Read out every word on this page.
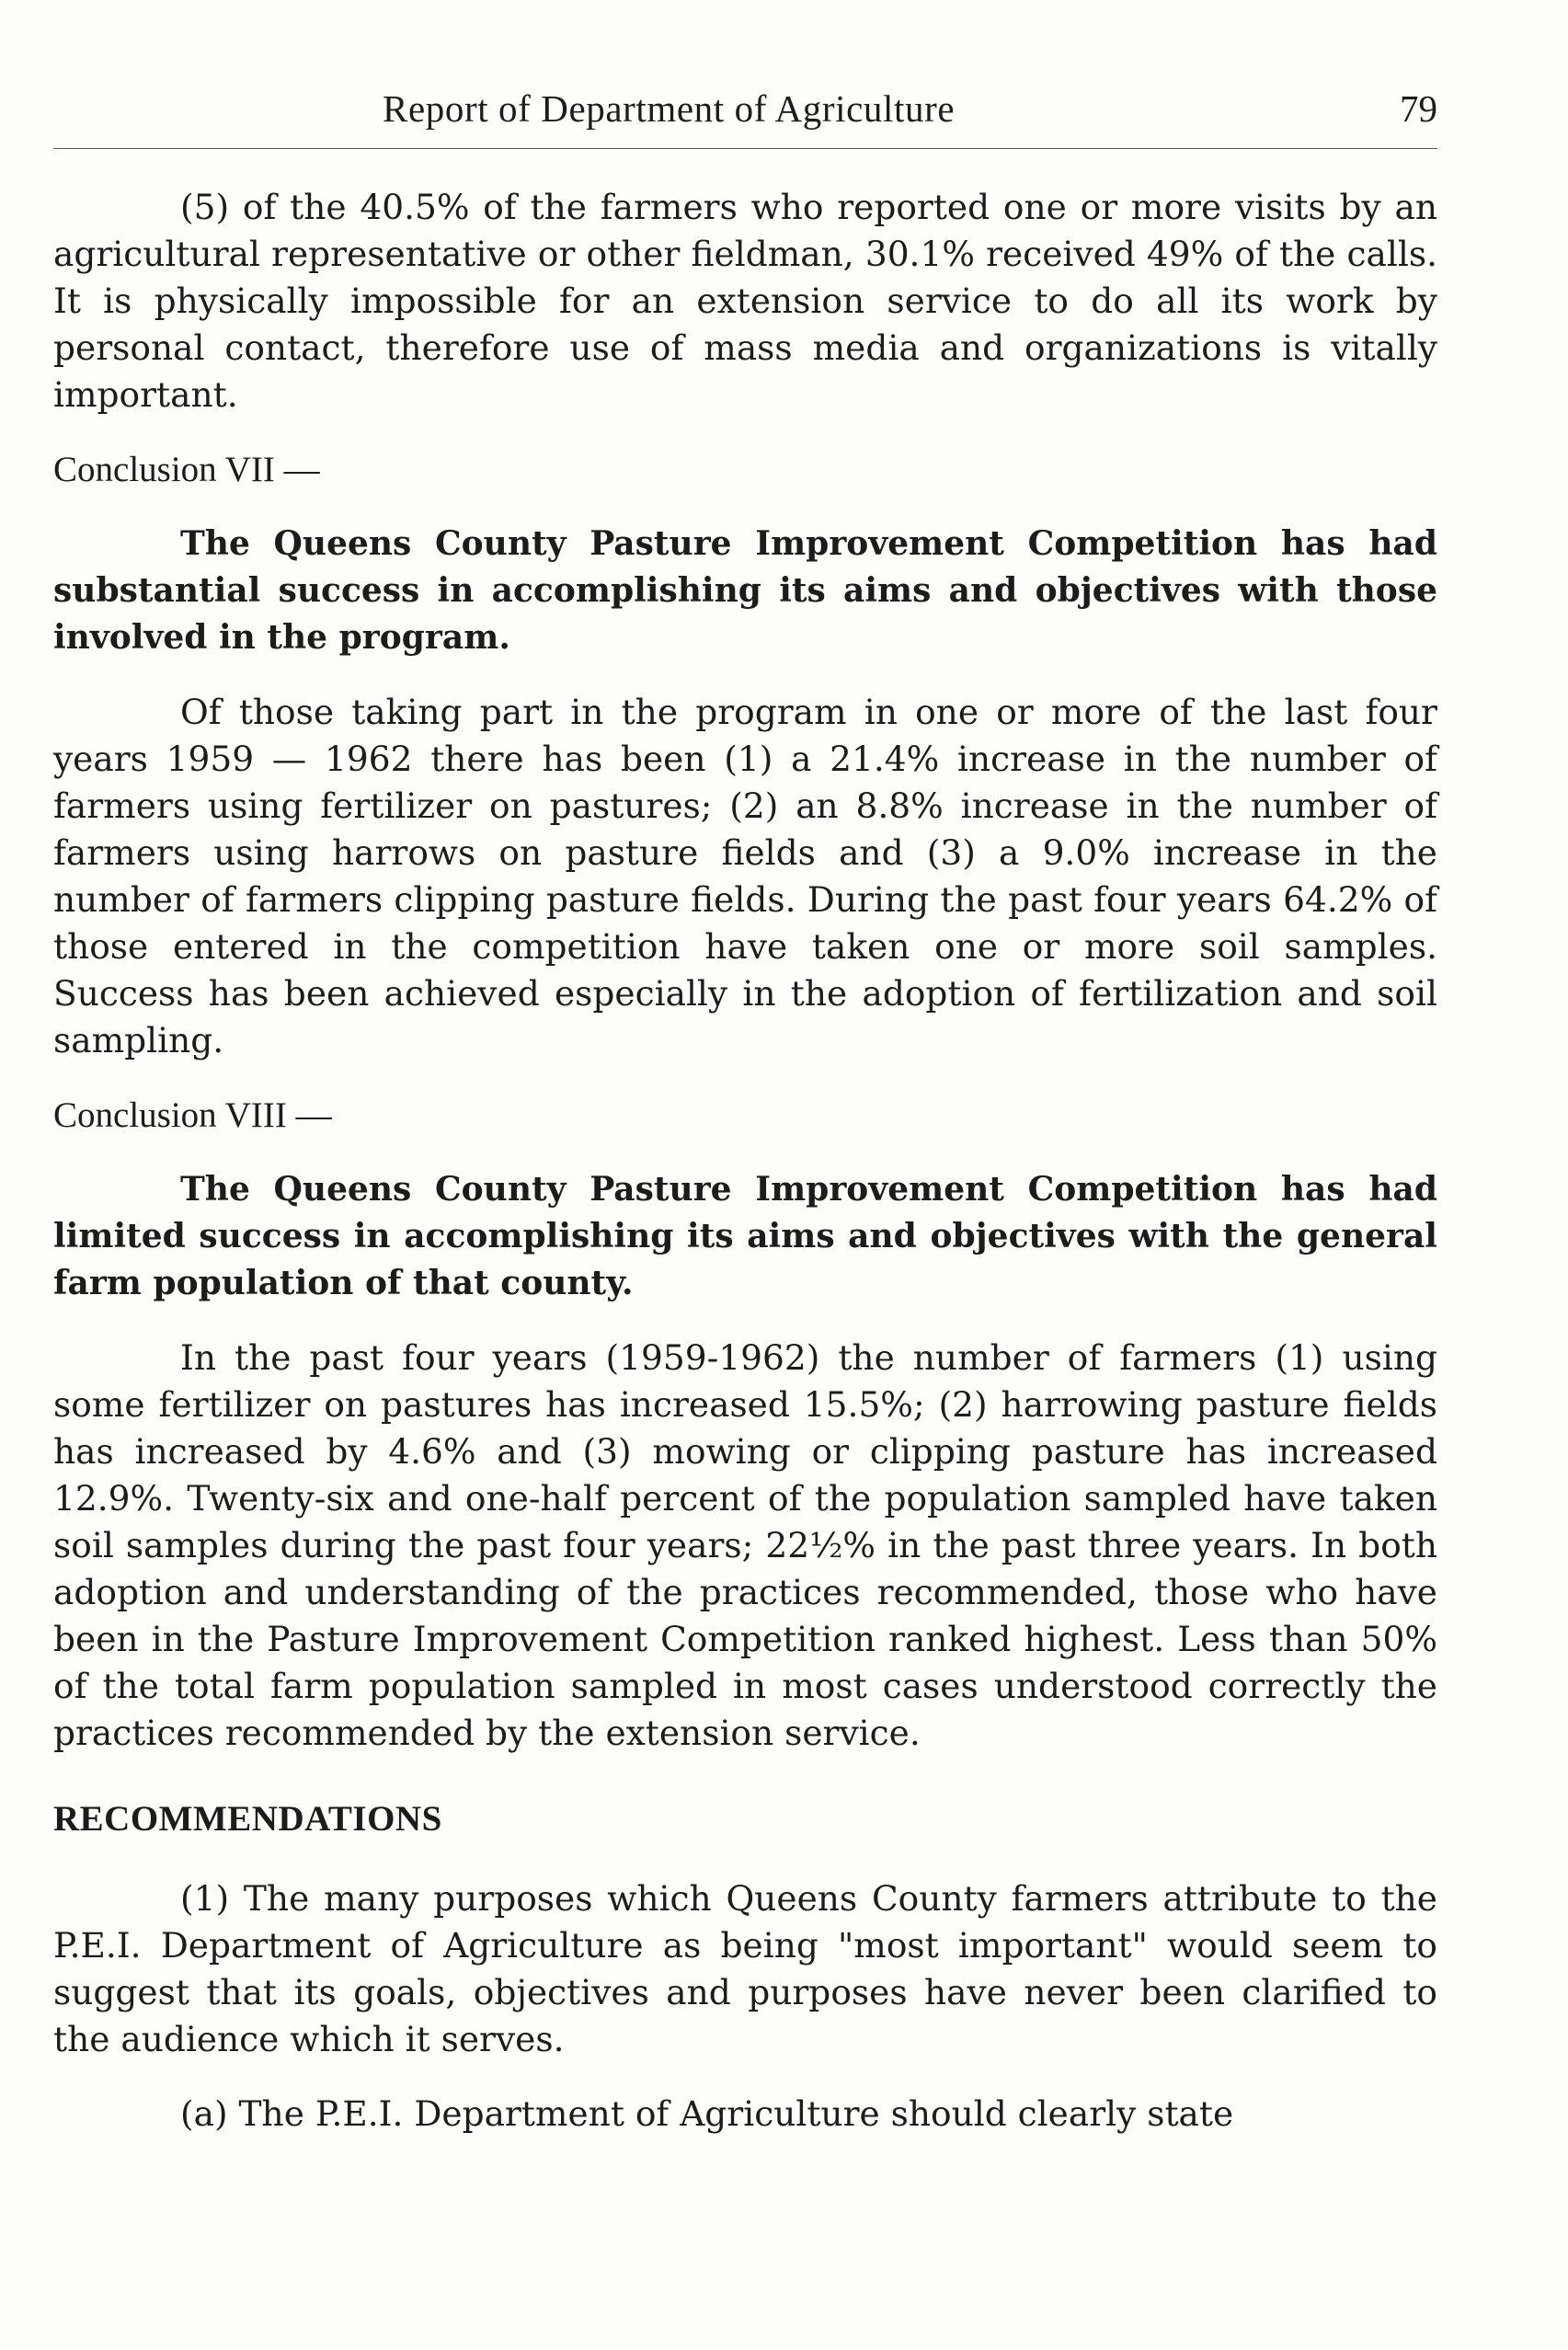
Report of Department of Agriculture	79

(5) of the 40.5% of the farmers who reported one or more visits by an agricultural representative or other fieldman, 30.1% received 49% of the calls. It is physically impossible for an extension service to do all its work by personal contact, therefore use of mass media and organizations is vitally important.

Conclusion VII —

The Queens County Pasture Improvement Competition has had substantial success in accomplishing its aims and objectives with those involved in the program.

Of those taking part in the program in one or more of the last four years 1959 — 1962 there has been (1) a 21.4% increase in the number of farmers using fertilizer on pastures; (2) an 8.8% increase in the number of farmers using harrows on pasture fields and (3) a 9.0% increase in the number of farmers clipping pasture fields. During the past four years 64.2% of those entered in the competition have taken one or more soil samples. Success has been achieved especially in the adoption of fertilization and soil sampling.

Conclusion VIII —

The Queens County Pasture Improvement Competition has had limited success in accomplishing its aims and objectives with the general farm population of that county.

In the past four years (1959-1962) the number of farmers (1) using some fertilizer on pastures has increased 15.5%; (2) harrowing pasture fields has increased by 4.6% and (3) mowing or clipping pasture has increased 12.9%. Twenty-six and one-half percent of the population sampled have taken soil samples during the past four years; 22½% in the past three years. In both adoption and understanding of the practices recommended, those who have been in the Pasture Improvement Competition ranked highest. Less than 50% of the total farm population sampled in most cases understood correctly the practices recommended by the extension service.

RECOMMENDATIONS

(1) The many purposes which Queens County farmers attribute to the P.E.I. Department of Agriculture as being "most important" would seem to suggest that its goals, objectives and purposes have never been clarified to the audience which it serves.

(a) The P.E.I. Department of Agriculture should clearly state
